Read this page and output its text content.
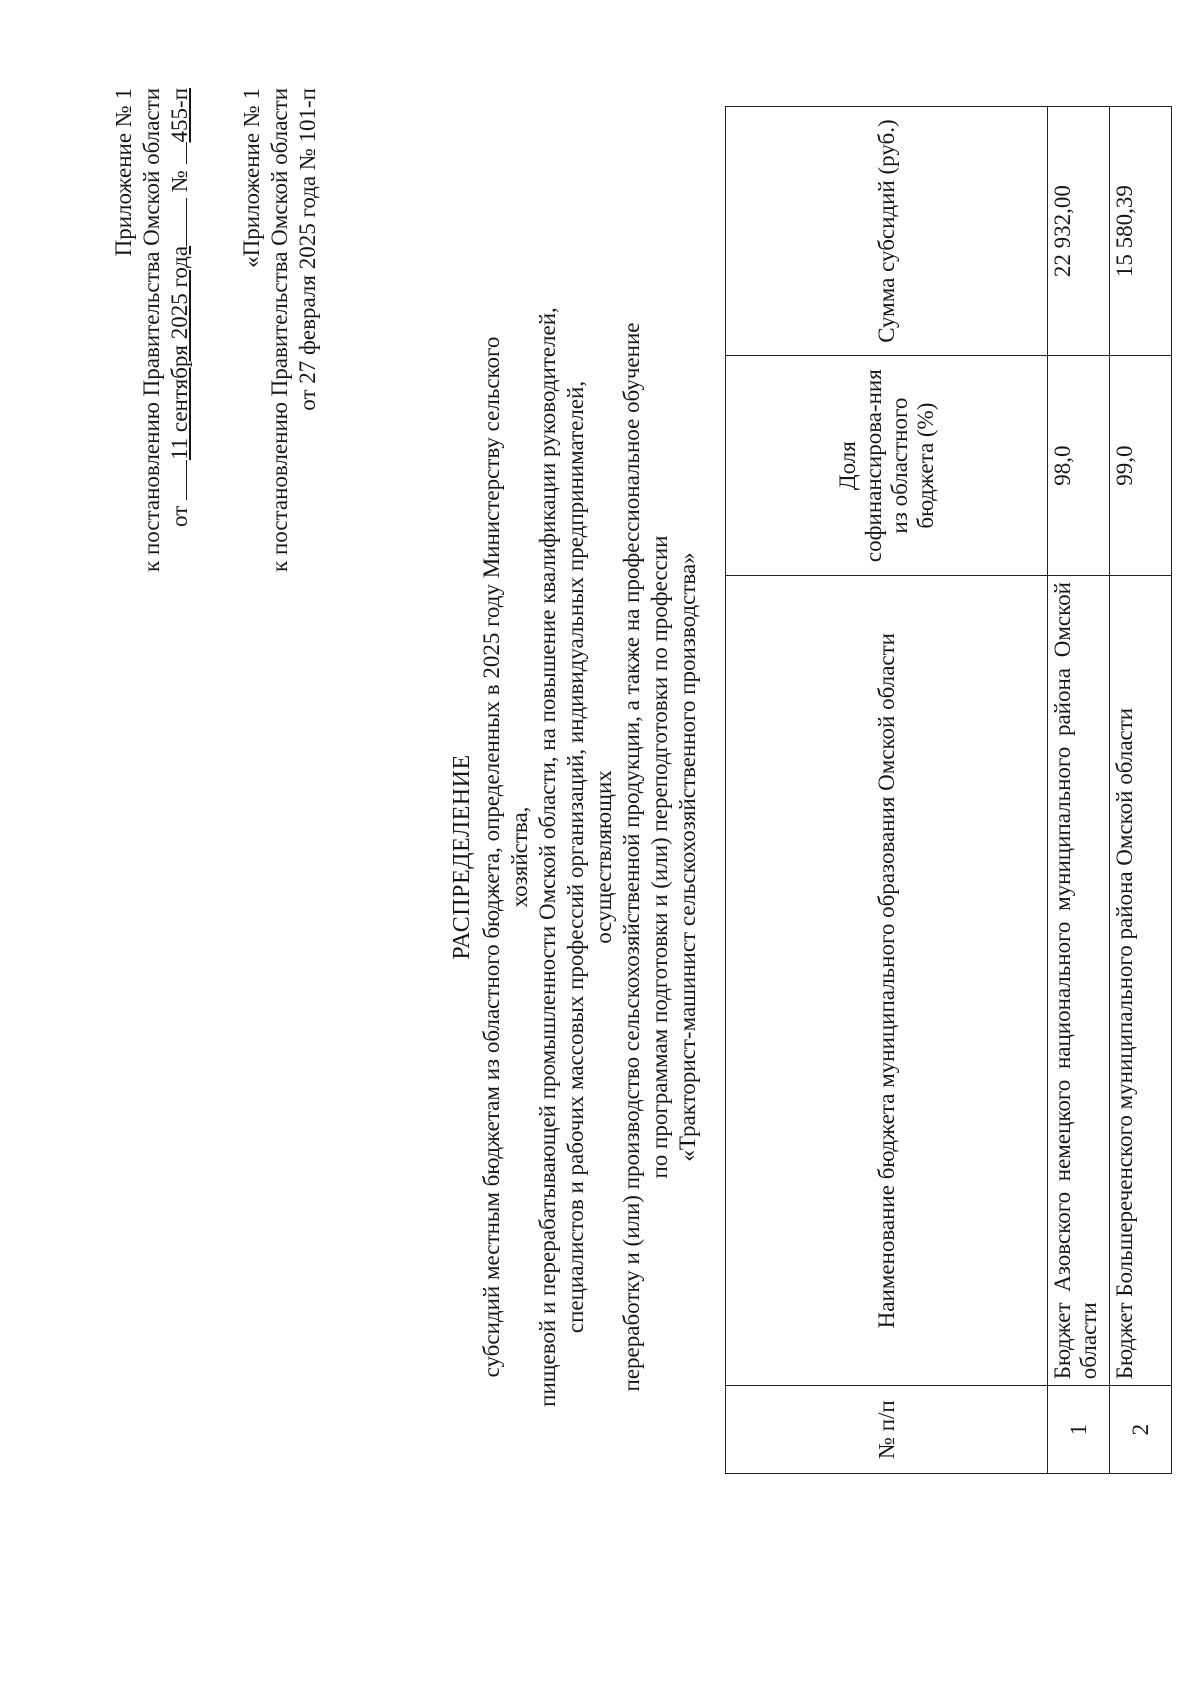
Приложение № 1 к постановлению Правительства Омской области от 11 сентября 2025 года № 455-п «Приложение № 1 к постановлению Правительства Омской области от 27 февраля 2025 года № 101-п
РАСПРЕДЕЛЕНИЕ субсидий местным бюджетам из областного бюджета, определенных в 2025 году Министерству сельского хозяйства, пищевой и перерабатывающей промышленности Омской области, на повышение квалификации руководителей, специалистов и рабочих массовых профессий организаций, индивидуальных предпринимателей, осуществляющих переработку и (или) производство сельскохозяйственной продукции, а также на профессиональное обучение по программам подготовки и (или) переподготовки по профессии «Тракторист-машинист сельскохозяйственного производства»
№ п/п	Наименование бюджета муниципального образования Омской области	Доля софинансирова-ния из областного бюджета (%)	Сумма субсидий (руб.)
1	Бюджет Азовского немецкого национального муниципального района Омской области	98,0	22 932,00
2	Бюджет Большереченского муниципального района Омской области	99,0	15 580,39
